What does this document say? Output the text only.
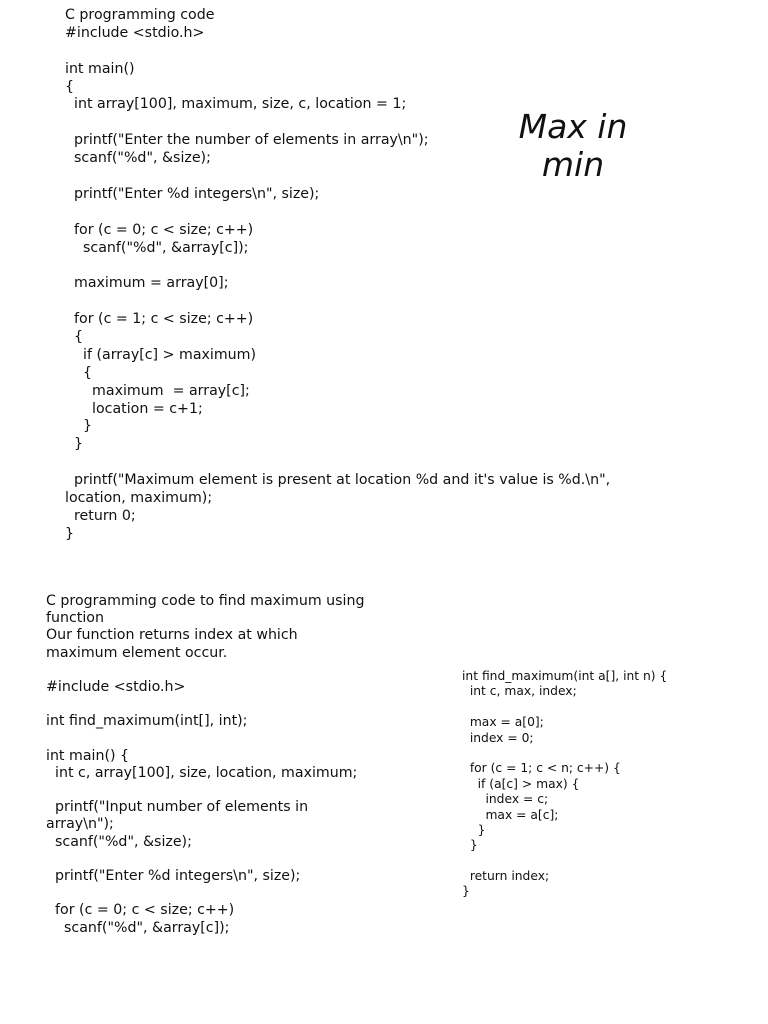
C programming code
#include <stdio.h>
int main()
{
int array[100], maximum, size, c, location = 1;
printf("Enter the number of elements in array\n");
scanf("%d", &size);
printf("Enter %d integers\n", size);
for (c = 0; c < size; c++)
scanf("%d", &array[c]);
maximum = array[0];
for (c = 1; c < size; c++)
{
if (array[c] > maximum)
{
maximum  = array[c];
location = c+1;
}
}
printf("Maximum element is present at location %d and it's value is %d.\n",
location, maximum);
return 0;
}
Max in
min
C programming code to find maximum using
function
Our function returns index at which
maximum element occur.
#include <stdio.h>
int find_maximum(int[], int);
int main() {
int c, array[100], size, location, maximum;
printf("Input number of elements in
array\n");
scanf("%d", &size);
printf("Enter %d integers\n", size);
for (c = 0; c < size; c++)
scanf("%d", &array[c]);
int find_maximum(int a[], int n) {
int c, max, index;
max = a[0];
index = 0;
for (c = 1; c < n; c++) {
if (a[c] > max) {
index = c;
max = a[c];
}
}
return index;
}
